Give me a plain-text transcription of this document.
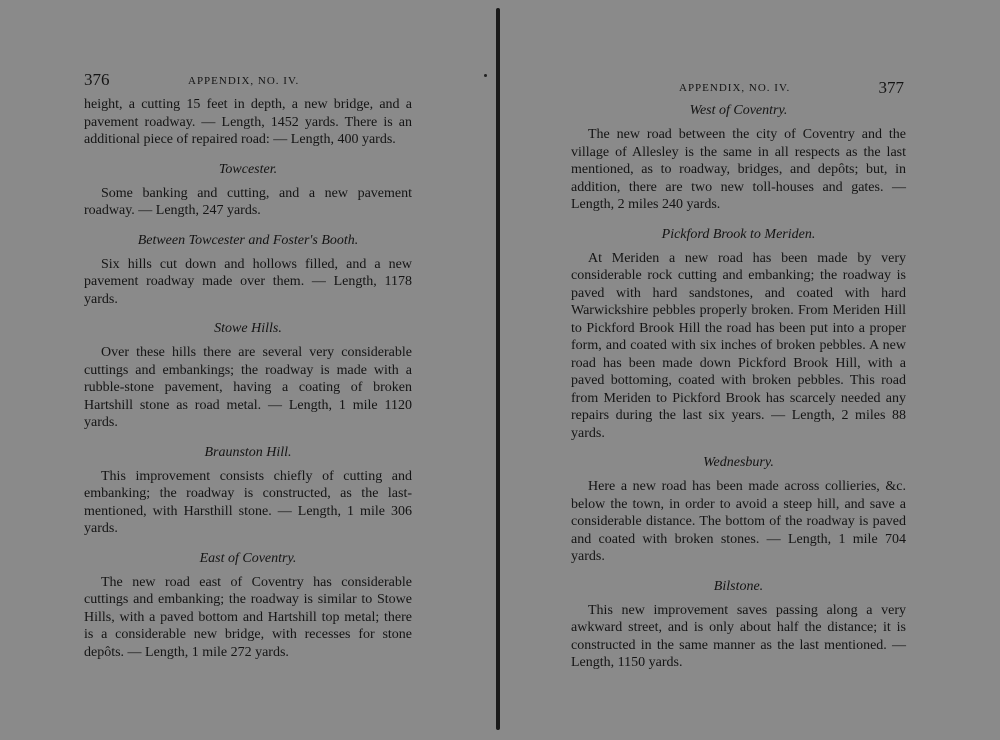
376	APPENDIX, NO. IV.

height, a cutting 15 feet in depth, a new bridge, and a pavement roadway. — Length, 1452 yards. There is an additional piece of repaired road: — Length, 400 yards.

Towcester.

Some banking and cutting, and a new pavement roadway. — Length, 247 yards.

Between Towcester and Foster's Booth.

Six hills cut down and hollows filled, and a new pavement roadway made over them. — Length, 1178 yards.

Stowe Hills.

Over these hills there are several very considerable cuttings and embankings; the roadway is made with a rubble-stone pavement, having a coating of broken Hartshill stone as road metal. — Length, 1 mile 1120 yards.

Braunston Hill.

This improvement consists chiefly of cutting and embanking; the roadway is constructed, as the last-mentioned, with Harsthill stone. — Length, 1 mile 306 yards.

East of Coventry.

The new road east of Coventry has considerable cuttings and embanking; the roadway is similar to Stowe Hills, with a paved bottom and Hartshill top metal; there is a considerable new bridge, with recesses for stone depôts. — Length, 1 mile 272 yards.

APPENDIX, NO. IV.	377

West of Coventry.

The new road between the city of Coventry and the village of Allesley is the same in all respects as the last mentioned, as to roadway, bridges, and depôts; but, in addition, there are two new toll-houses and gates. — Length, 2 miles 240 yards.

Pickford Brook to Meriden.

At Meriden a new road has been made by very considerable rock cutting and embanking; the roadway is paved with hard sandstones, and coated with hard Warwickshire pebbles properly broken. From Meriden Hill to Pickford Brook Hill the road has been put into a proper form, and coated with six inches of broken pebbles. A new road has been made down Pickford Brook Hill, with a paved bottoming, coated with broken pebbles. This road from Meriden to Pickford Brook has scarcely needed any repairs during the last six years. — Length, 2 miles 88 yards.

Wednesbury.

Here a new road has been made across collieries, &c. below the town, in order to avoid a steep hill, and save a considerable distance. The bottom of the roadway is paved and coated with broken stones. — Length, 1 mile 704 yards.

Bilstone.

This new improvement saves passing along a very awkward street, and is only about half the distance; it is constructed in the same manner as the last mentioned. — Length, 1150 yards.
